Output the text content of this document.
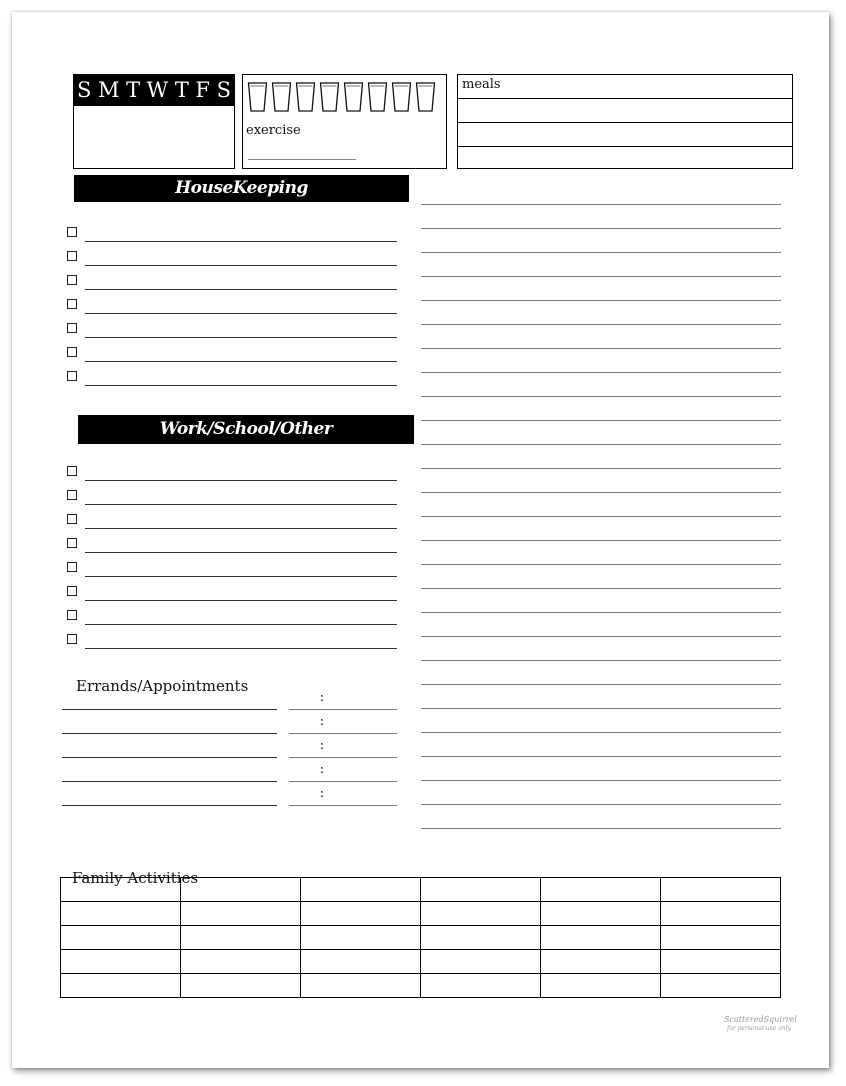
S M T W T F S
exercise
meals
HouseKeeping
Work/School/Other
Errands/Appointments
:
:
:
:
:
Family Activities

ScatteredSquirrel
for personal use only
